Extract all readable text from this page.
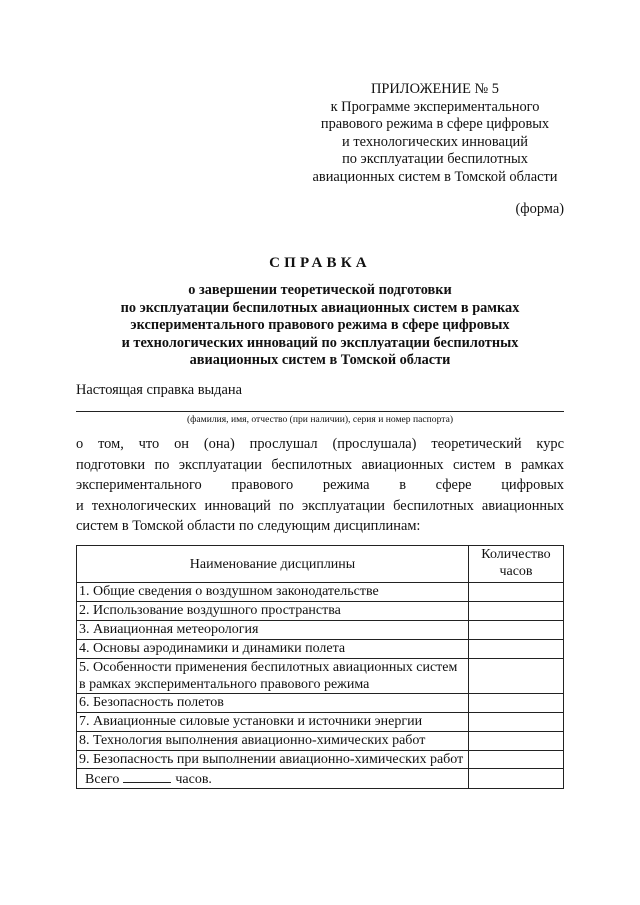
ПРИЛОЖЕНИЕ № 5
к Программе экспериментального
правового режима в сфере цифровых
и технологических инноваций
по эксплуатации беспилотных
авиационных систем в Томской области
(форма)
СПРАВКА
о завершении теоретической подготовки
по эксплуатации беспилотных авиационных систем в рамках
экспериментального правового режима в сфере цифровых
и технологических инноваций по эксплуатации беспилотных
авиационных систем в Томской области
Настоящая справка выдана
(фамилия, имя, отчество (при наличии), серия и номер паспорта)
о том, что он (она) прослушал (прослушала) теоретический курс
подготовки по эксплуатации беспилотных авиационных систем в рамках
экспериментального правового режима в сфере цифровых
и технологических инноваций по эксплуатации беспилотных авиационных
систем в Томской области по следующим дисциплинам:
Наименование дисциплины	Количество
часов
1. Общие сведения о воздушном законодательстве	
2. Использование воздушного пространства	
3. Авиационная метеорология	
4. Основы аэродинамики и динамики полета	
5. Особенности применения беспилотных авиационных систем в рамках экспериментального правового режима	
6. Безопасность полетов	
7. Авиационные силовые установки и источники энергии	
8. Технология выполнения авиационно-химических работ	
9. Безопасность при выполнении авиационно-химических работ	
Всего часов.	
